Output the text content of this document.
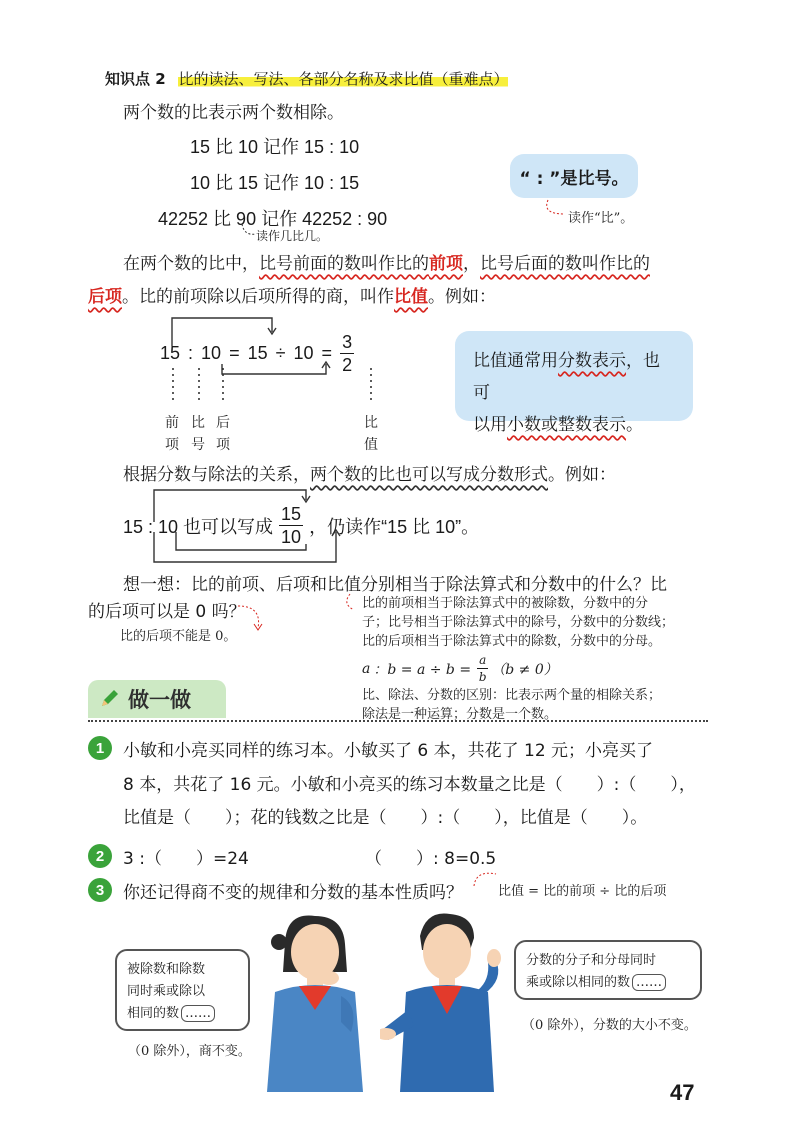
知识点 2 比的读法、写法、各部分名称及求比值（重难点）
两个数的比表示两个数相除。
15 比 10 记作 15 : 10
10 比 15 记作 10 : 15
42252 比 90 记作 42252 : 90
读作几比几。
“ : ”是比号。
读作“比”。
在两个数的比中，比号前面的数叫作比的前项，比号后面的数叫作比的
后项。比的前项除以后项所得的商，叫作比值。例如：
15 : $10 = 15 \div 10 = \frac{3}{2}$
前
项
比
号
后
项
比
值
比值通常用分数表示，也可
以用小数或整数表示。
根据分数与除法的关系，两个数的比也可以写成分数形式。例如：
15 : 10 也可以写成 $\frac{15}{10}$ ，仍读作“15 比 10”。
想一想：比的前项、后项和比值分别相当于除法算式和分数中的什么？比
的后项可以是 0 吗？
比的后项不能是 0。
比的前项相当于除法算式中的被除数，分数中的分
子；比号相当于除法算式中的除号，分数中的分数线；
比的后项相当于除法算式中的除数，分数中的分母。
a ：$b = a \div b = \frac{a}{b} (b \ne 0)$
比、除法、分数的区别：比表示两个量的相除关系；
除法是一种运算；分数是一个数。
做一做
1	小敏和小亮买同样的练习本。小敏买了 6 本，共花了 12 元；小亮买了
8 本，共花了 16 元。小敏和小亮买的练习本数量之比是（　　）:（　　），
比值是（　　）；花的钱数之比是（　　）:（　　），比值是（　　）。
2	3 :（　　）=24	（　　）: 8=0.5
3	你还记得商不变的规律和分数的基本性质吗？	比值 = 比的前项 ÷ 比的后项
被除数和除数
同时乘或除以
相同的数 ……
（0 除外），商不变。
分数的分子和分母同时
乘或除以相同的数 ……
（0 除外），分数的大小不变。
47
